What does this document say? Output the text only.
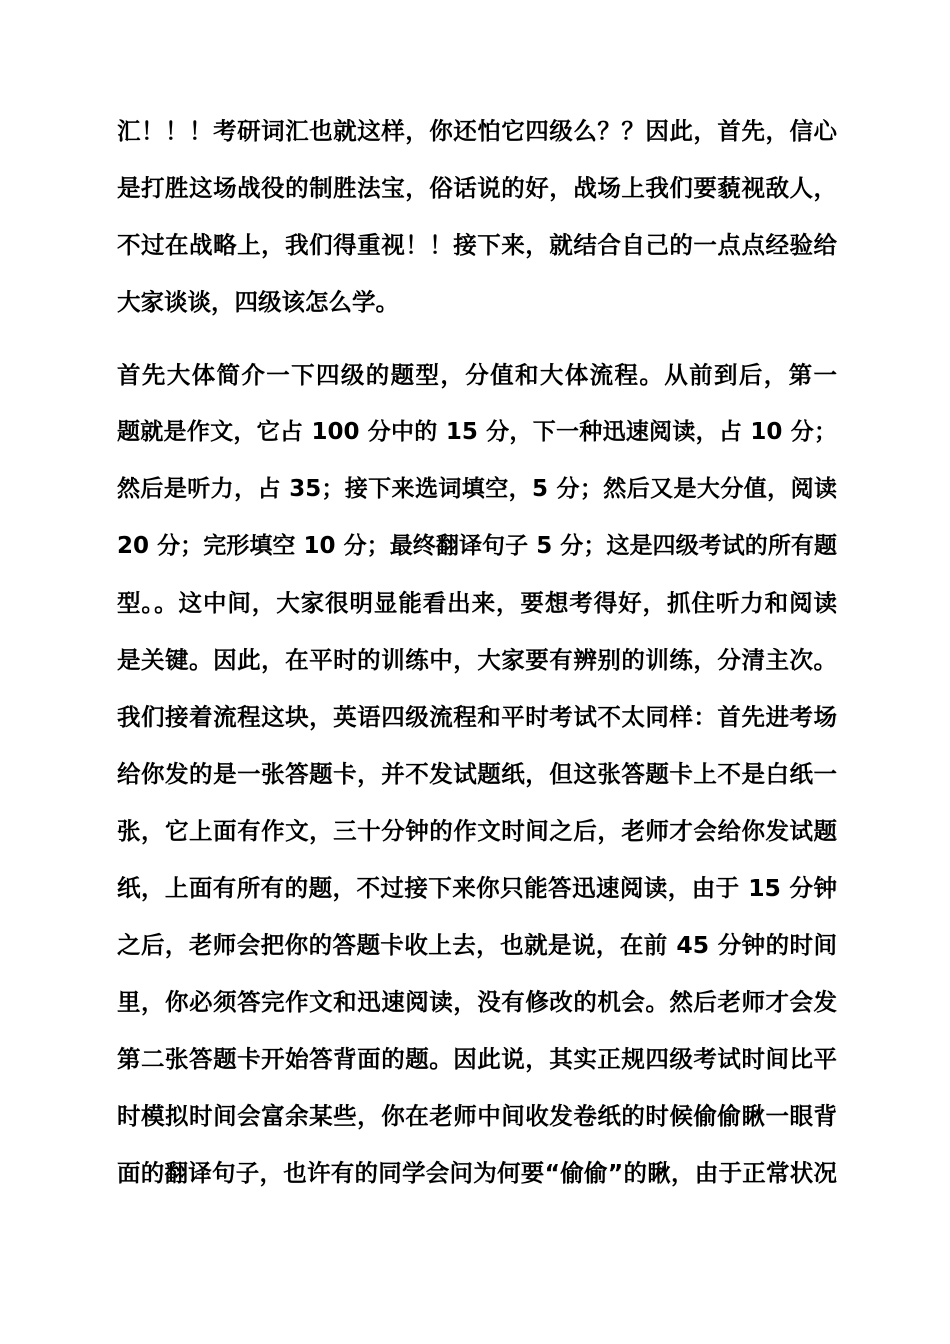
汇！！！考研词汇也就这样，你还怕它四级么？？因此，首先，信心
是打胜这场战役的制胜法宝，俗话说的好，战场上我们要藐视敌人，
不过在战略上，我们得重视！！接下来，就结合自己的一点点经验给
大家谈谈，四级该怎么学。
首先大体简介一下四级的题型，分值和大体流程。从前到后，第一
题就是作文，它占 100 分中的 15 分，下一种迅速阅读，占 10 分；
然后是听力，占 35；接下来选词填空，5 分；然后又是大分值，阅读
20 分；完形填空 10 分；最终翻译句子 5 分；这是四级考试的所有题
型。。这中间，大家很明显能看出来，要想考得好，抓住听力和阅读
是关键。因此，在平时的训练中，大家要有辨别的训练，分清主次。
我们接着流程这块，英语四级流程和平时考试不太同样：首先进考场
给你发的是一张答题卡，并不发试题纸，但这张答题卡上不是白纸一
张，它上面有作文，三十分钟的作文时间之后，老师才会给你发试题
纸，上面有所有的题，不过接下来你只能答迅速阅读，由于 15 分钟
之后，老师会把你的答题卡收上去，也就是说，在前 45 分钟的时间
里，你必须答完作文和迅速阅读，没有修改的机会。然后老师才会发
第二张答题卡开始答背面的题。因此说，其实正规四级考试时间比平
时模拟时间会富余某些，你在老师中间收发卷纸的时候偷偷瞅一眼背
面的翻译句子，也许有的同学会问为何要“偷偷”的瞅，由于正常状况
